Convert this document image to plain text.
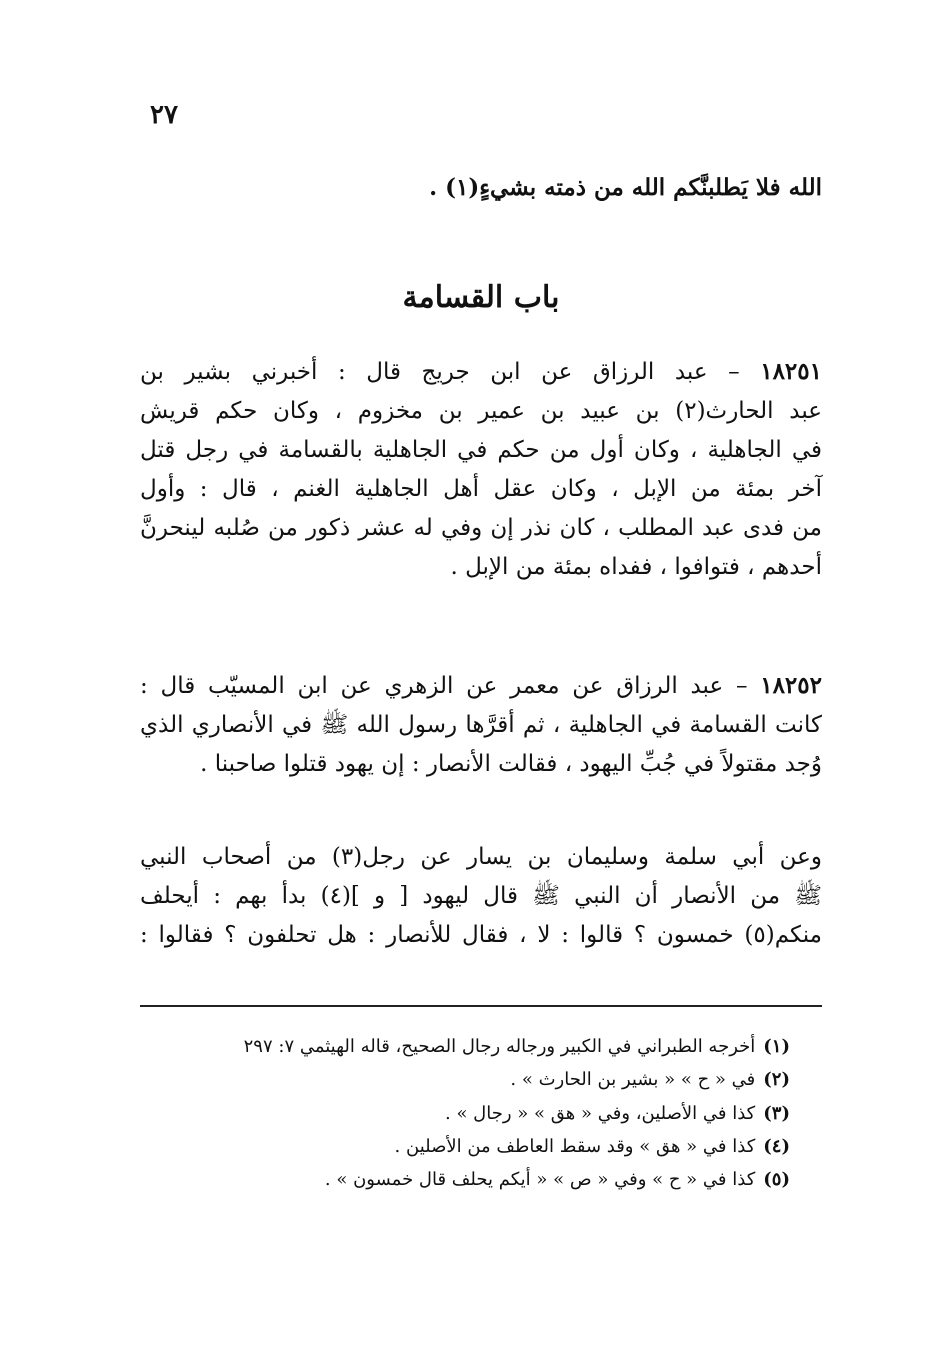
٢٧
الله فلا يَطلبنَّكم الله من ذمته بشيءٍ(١) .
باب القسامة
١٨٢٥١ – عبد الرزاق عن ابن جريج قال : أخبرني بشير بن
عبد الحارث(٢) بن عبيد بن عمير بن مخزوم ، وكان حكم قريش
في الجاهلية ، وكان أول من حكم في الجاهلية بالقسامة في رجل قتل
آخر بمئة من الإبل ، وكان عقل أهل الجاهلية الغنم ، قال : وأول
من فدى عبد المطلب ، كان نذر إن وفي له عشر ذكور من صُلبه لينحرنَّ
أحدهم ، فتوافوا ، ففداه بمئة من الإبل .
١٨٢٥٢ – عبد الرزاق عن معمر عن الزهري عن ابن المسيّب قال :
كانت القسامة في الجاهلية ، ثم أقرَّها رسول الله ﷺ في الأنصاري الذي
وُجد مقتولاً في جُبِّ اليهود ، فقالت الأنصار : إن يهود قتلوا صاحبنا .
وعن أبي سلمة وسليمان بن يسار عن رجل(٣) من أصحاب النبي
ﷺ من الأنصار أن النبي ﷺ قال ليهود [ و ](٤) بدأ بهم : أيحلف
منكم(٥) خمسون ؟ قالوا : لا ، فقال للأنصار : هل تحلفون ؟ فقالوا :
(١)أخرجه الطبراني في الكبير ورجاله رجال الصحيح، قاله الهيثمي ٧: ٢٩٧
(٢)في « ح » « بشير بن الحارث » .
(٣)كذا في الأصلين، وفي « هق » « رجال » .
(٤)كذا في « هق » وقد سقط العاطف من الأصلين .
(٥)كذا في « ح » وفي « ص » « أيكم يحلف قال خمسون » .
